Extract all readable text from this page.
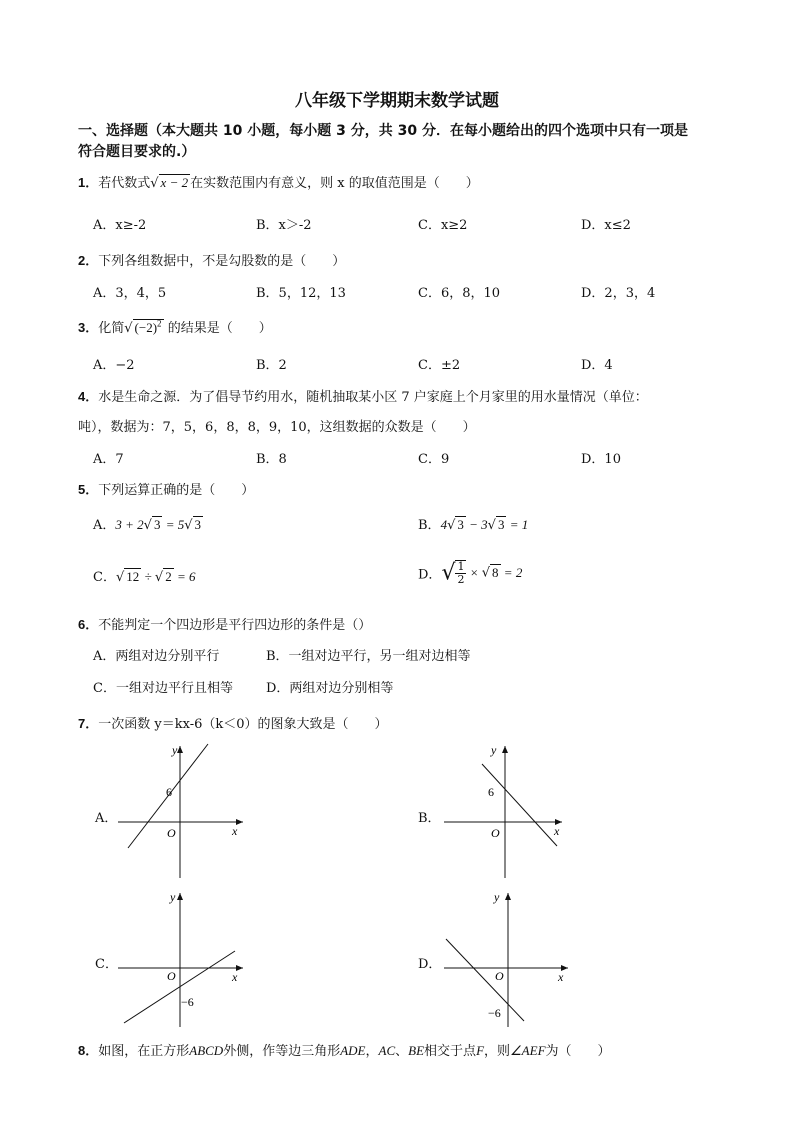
八年级下学期期末数学试题
一、选择题（本大题共 10 小题，每小题 3 分，共 30 分．在每小题给出的四个选项中只有一项是
符合题目要求的.）
1．若代数式√ x − 2 在实数范围内有意义，则 x 的取值范围是（　　）
A．x≥-2	B．x＞-2	C．x≥2	D．x≤2
2．下列各组数据中，不是勾股数的是（　　）
A．3，4，5	B．5，12，13	C．6，8，10	D．2，3，4
3．化简√ $(-2)^2$ 的结果是（　　）
A．−2	B．2	C．±2	D．4
4．水是生命之源．为了倡导节约用水，随机抽取某小区 7 户家庭上个月家里的用水量情况（单位：
吨），数据为：7，5，6，8，8，9，10，这组数据的众数是（　　）
A．7	B．8	C．9	D．10
5．下列运算正确的是（　　）
A．3 + 2√ 3 = 5√ 3	B．4√ 3 − 3√ 3 = 1
C．√ 12 ÷ √ 2 = 6	D．√ $\frac{1}{2}$ × √ 8 = 2
6．不能判定一个四边形是平行四边形的条件是（）
A．两组对边分别平行	B．一组对边平行，另一组对边相等
C．一组对边平行且相等	D．两组对边分别相等
7．一次函数 y＝kx-6（k＜0）的图象大致是（　　）
A．
y
x
O
6
B．
y
x
O
6
C．
y
x
O
−6
D．
y
x
O
−6
8．如图，在正方形ABCD外侧，作等边三角形ADE，AC、BE相交于点F，则∠AEF为（　　）
